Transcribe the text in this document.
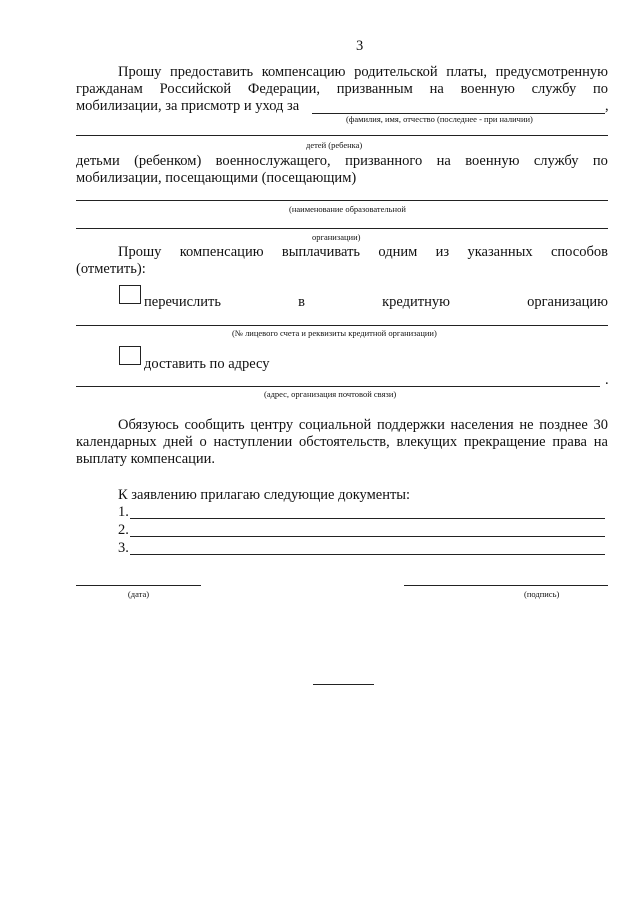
3
Прошу предоставить компенсацию родительской платы, предусмотренную
гражданам Российской Федерации, призванным на военную службу по
мобилизации, за присмотр и уход за	,
(фамилия, имя, отчество (последнее - при наличии)
детей (ребенка)
детьми (ребенком) военнослужащего, призванного на военную службу по
мобилизации, посещающими (посещающим)
(наименование образовательной
организации)
Прошу компенсацию выплачивать одним из указанных способов
(отметить):
перечислить	в	кредитную	организацию
(№ лицевого счета и реквизиты кредитной организации)
доставить по адресу
.
(адрес, организация почтовой связи)
Обязуюсь сообщить центру социальной поддержки населения не позднее 30
календарных дней о наступлении обстоятельств, влекущих прекращение права на
выплату компенсации.
К заявлению прилагаю следующие документы:
1.
2.
3.
(дата)	(подпись)
